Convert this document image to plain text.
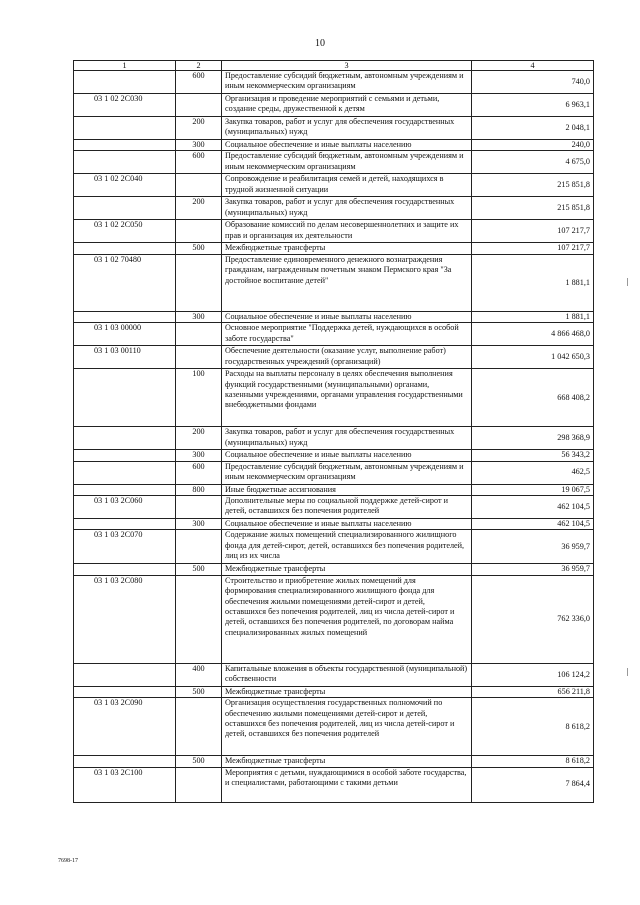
10
1	2	3	4
	600	Предоставление субсидий бюджетным, автономным учреждениям и иным некоммерческим организациям	740,0
03 1 02 2С030		Организация и проведение мероприятий с семьями и детьми, создание среды, дружественной к детям	6 963,1
	200	Закупка товаров, работ и услуг для обеспечения государственных (муниципальных) нужд	2 048,1
	300	Социальное обеспечение и иные выплаты населению	240,0
	600	Предоставление субсидий бюджетным, автономным учреждениям и иным некоммерческим организациям	4 675,0
03 1 02 2С040		Сопровождение и реабилитация семей и детей, находящихся в трудной жизненной ситуации	215 851,8
	200	Закупка товаров, работ и услуг для обеспечения государственных (муниципальных) нужд	215 851,8
03 1 02 2С050		Образование комиссий по делам несовершеннолетних и защите их прав и организация их деятельности	107 217,7
	500	Межбюджетные трансферты	107 217,7
03 1 02 70480		Предоставление единовременного денежного вознаграждения гражданам, награжденным почетным знаком Пермского края "За достойное воспитание детей"	1 881,1
	300	Социальное обеспечение и иные выплаты населению	1 881,1
03 1 03 00000		Основное мероприятие "Поддержка детей, нуждающихся в особой заботе государства"	4 866 468,0
03 1 03 00110		Обеспечение деятельности (оказание услуг, выполнение работ) государственных учреждений (организаций)	1 042 650,3
	100	Расходы на выплаты персоналу в целях обеспечения выполнения функций государственными (муниципальными) органами, казенными учреждениями, органами управления государственными внебюджетными фондами	668 408,2
	200	Закупка товаров, работ и услуг для обеспечения государственных (муниципальных) нужд	298 368,9
	300	Социальное обеспечение и иные выплаты населению	56 343,2
	600	Предоставление субсидий бюджетным, автономным учреждениям и иным некоммерческим организациям	462,5
	800	Иные бюджетные ассигнования	19 067,5
03 1 03 2С060		Дополнительные меры по социальной поддержке детей-сирот и детей, оставшихся без попечения родителей	462 104,5
	300	Социальное обеспечение и иные выплаты населению	462 104,5
03 1 03 2С070		Содержание жилых помещений специализированного жилищного фонда для детей-сирот, детей, оставшихся без попечения родителей, лиц из их числа	36 959,7
	500	Межбюджетные трансферты	36 959,7
03 1 03 2С080		Строительство и приобретение жилых помещений для формирования специализированного жилищного фонда для обеспечения жилыми помещениями детей-сирот и детей, оставшихся без попечения родителей, лиц из числа детей-сирот и детей, оставшихся без попечения родителей, по договорам найма специализированных жилых помещений	762 336,0
	400	Капитальные вложения в объекты государственной (муниципальной) собственности	106 124,2
	500	Межбюджетные трансферты	656 211,8
03 1 03 2С090		Организация осуществления государственных полномочий по обеспечению жилыми помещениями детей-сирот и детей, оставшихся без попечения родителей, лиц из числа детей-сирот и детей, оставшихся без попечения родителей	8 618,2
	500	Межбюджетные трансферты	8 618,2
03 1 03 2С100		Мероприятия с детьми, нуждающимися в особой заботе государства, и специалистами, работающими с такими детьми	7 864,4
7698-17
